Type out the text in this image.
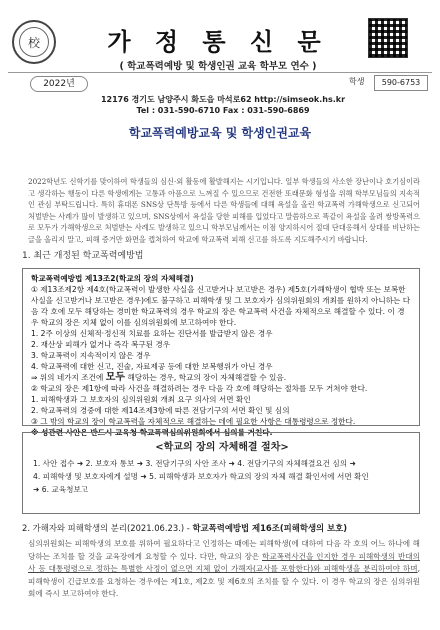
校	가 정 통 신 문
( 학교폭력예방 및 학생인권 교육 학부모 연수 )
2022년	학생	590-6753
12176 경기도 남양주시 화도읍 마석로62 http://simseok.hs.kr
Tel : 031-590-6710 Fax : 031-590-6869
학교폭력예방교육 및 학생인권교육
2022학년도 신학기를 맞이하여 학생들의 심신·외 활동에 활발해지는 시기입니다. 일부 학생들의 사소한 장난이나 호기심이라고 생각하는 행동이 다른 학생에게는 고통과 아픔으로 느껴질 수 있으므로 건전한 또래문화 형성을 위해 학부모님들의 지속적인 관심 부탁드립니다. 특히 휴대폰 SNS상 단톡방 등에서 다른 학생들에 대해 욕설을 올린 학교폭력 가해학생으로 신고되어 처벌받는 사례가 많이 발생하고 있으며, SNS상에서 욕설을 당한 피해를 입었다고 말씀하으로 똑같이 욕설을 올려 쌍방폭력으로 모두가 가해학생으로 처벌받는 사례도 발생하고 있으니 학부모님께서는 이점 양지하시어 절대 단대응해서 상대를 비난하는 글을 올리지 말고, 피해 증거만 화면을 캡쳐하여 학교에 학교폭력 피해 신고를 하도록 지도해주시기 바랍니다.
1. 최근 개정된 학교폭력예방법
학교폭력예방법 제13조2(학교의 장의 자체해결)
① 제13조제2항 제4호(학교폭력이 발생한 사실을 신고받거나 보고받은 경우) 제5호(가해학생이 협박 또는 보복한 사실을 신고받거나 보고받은 경우)에도 불구하고 피해학생 및 그 보호자가 심의위원회의 개최를 원하지 아니하는 다음 각 호에 모두 해당하는 경미한 학교폭력의 경우 학교의 장은 학교폭력 사건을 자체적으로 해결할 수 있다. 이 경우 학교의 장은 지체 없이 이를 심의위원회에 보고하여야 한다.
1. 2주 이상의 신체적·정신적 치료를 요하는 진단서를 발급받지 않은 경우
2. 재산상 피해가 없거나 즉각 복구된 경우
3. 학교폭력이 지속적이지 않은 경우
4. 학교폭력에 대한 신고, 진술, 자료제공 등에 대한 보복행위가 아닌 경우
⇒ 위의 네가지 조건에 모두 해당하는 경우, 학교의 장이 자체해결할 수 있음.
② 학교의 장은 제1항에 따라 사건을 해결하려는 경우 다음 각 호에 해당하는 절차를 모두 거쳐야 한다.
1. 피해학생과 그 보호자의 심의위원회 개최 요구 의사의 서면 확인
2. 학교폭력의 경중에 대한 제14조제3항에 따른 전담기구의 서면 확인 및 심의
③ 그 밖의 학교의 장이 학교폭력을 자체적으로 해결하는 데에 필요한 사항은 대통령령으로 정한다.
※ 성관련 사안은 반드시 교육청 학교폭력심의위원회에서 심의를 거친다.
<학교의 장의 자체해결 절차>
1. 사안 접수 ➜ 2. 보호자 통보 ➜ 3. 전담기구의 사안 조사 ➜ 4. 전담기구의 자체해결요건 심의 ➜
4. 피해학생 및 보호자에게 설명 ➜ 5. 피해학생과 보호자가 학교의 장의 자체 해결 확인서에 서면 확인
➜ 6. 교육청보고
2. 가해자와 피해학생의 분리(2021.06.23.) - 학교폭력예방법 제16조(피해학생의 보호)
심의위원회는 피해학생의 보호를 위하여 필요하다고 인정하는 때에는 피해학생(에 대하여 다음 각 호의 어느 하나에 해당하는 조치를 할 것을 교육장에게 요청할 수 있다. 다만, 학교의 장은 학교폭력사건을 인지한 경우 피해학생의 반대의사 등 대통령령으로 정하는 특별한 사정이 없으면 지체 없이 가해자(교사를 포함한다)와 피해학생을 분리하여야 하며, 피해학생이 긴급보호를 요청하는 경우에는 제1호, 제2호 및 제6호의 조치를 할 수 있다. 이 경우 학교의 장은 심의위원회에 즉시 보고하여야 한다.
